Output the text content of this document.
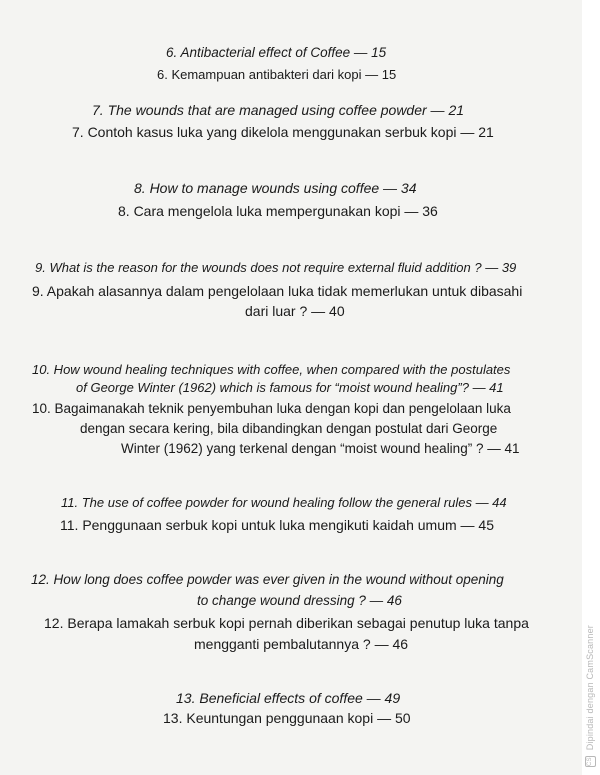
6. Antibacterial effect of Coffee — 15
6. Kemampuan antibakteri dari kopi — 15
7. The wounds that are managed using coffee powder — 21
7. Contoh kasus luka yang dikelola menggunakan serbuk kopi — 21
8. How to manage wounds using coffee — 34
8. Cara mengelola luka mempergunakan kopi — 36
9. What is the reason for the wounds does not require external fluid addition ? — 39
9. Apakah alasannya dalam pengelolaan luka tidak memerlukan untuk dibasahi
dari luar ? — 40
10. How wound healing techniques with coffee, when compared with the postulates
of George Winter (1962) which is famous for “moist wound healing”? — 41
10. Bagaimanakah teknik penyembuhan luka dengan kopi dan pengelolaan luka
dengan secara kering, bila dibandingkan dengan postulat dari George
Winter (1962) yang terkenal dengan “moist wound healing” ? — 41
11. The use of coffee powder for wound healing follow the general rules — 44
11. Penggunaan serbuk kopi untuk luka mengikuti kaidah umum — 45
12. How long does coffee powder was ever given in the wound without opening
to change wound dressing ? — 46
12. Berapa lamakah serbuk kopi pernah diberikan sebagai penutup luka tanpa
mengganti pembalutannya ? — 46
13. Beneficial effects of coffee — 49
13. Keuntungan penggunaan kopi — 50
CS Dipindai dengan CamScanner
